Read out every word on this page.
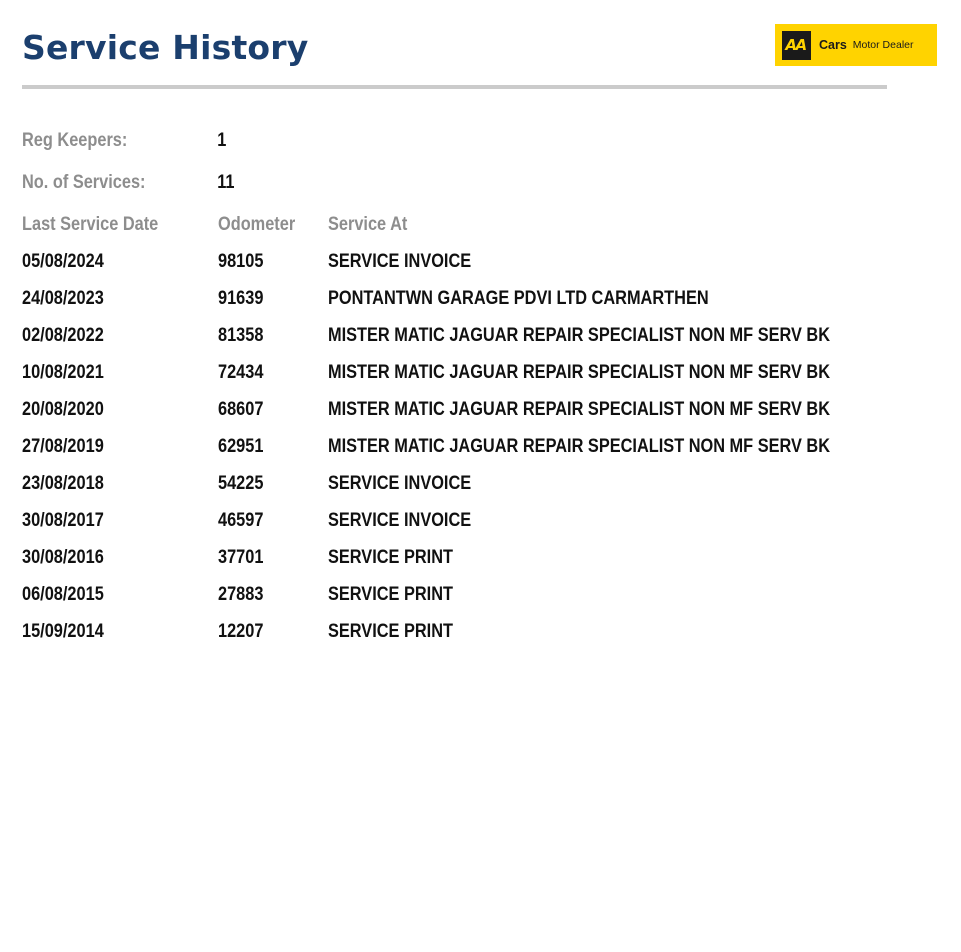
Service History	AA	Cars Motor Dealer
Reg Keepers:	1
No. of Services:	11
Last Service Date	Odometer	Service At
05/08/2024	98105	SERVICE INVOICE
24/08/2023	91639	PONTANTWN GARAGE PDVI LTD CARMARTHEN
02/08/2022	81358	MISTER MATIC JAGUAR REPAIR SPECIALIST NON MF SERV BK
10/08/2021	72434	MISTER MATIC JAGUAR REPAIR SPECIALIST NON MF SERV BK
20/08/2020	68607	MISTER MATIC JAGUAR REPAIR SPECIALIST NON MF SERV BK
27/08/2019	62951	MISTER MATIC JAGUAR REPAIR SPECIALIST NON MF SERV BK
23/08/2018	54225	SERVICE INVOICE
30/08/2017	46597	SERVICE INVOICE
30/08/2016	37701	SERVICE PRINT
06/08/2015	27883	SERVICE PRINT
15/09/2014	12207	SERVICE PRINT
